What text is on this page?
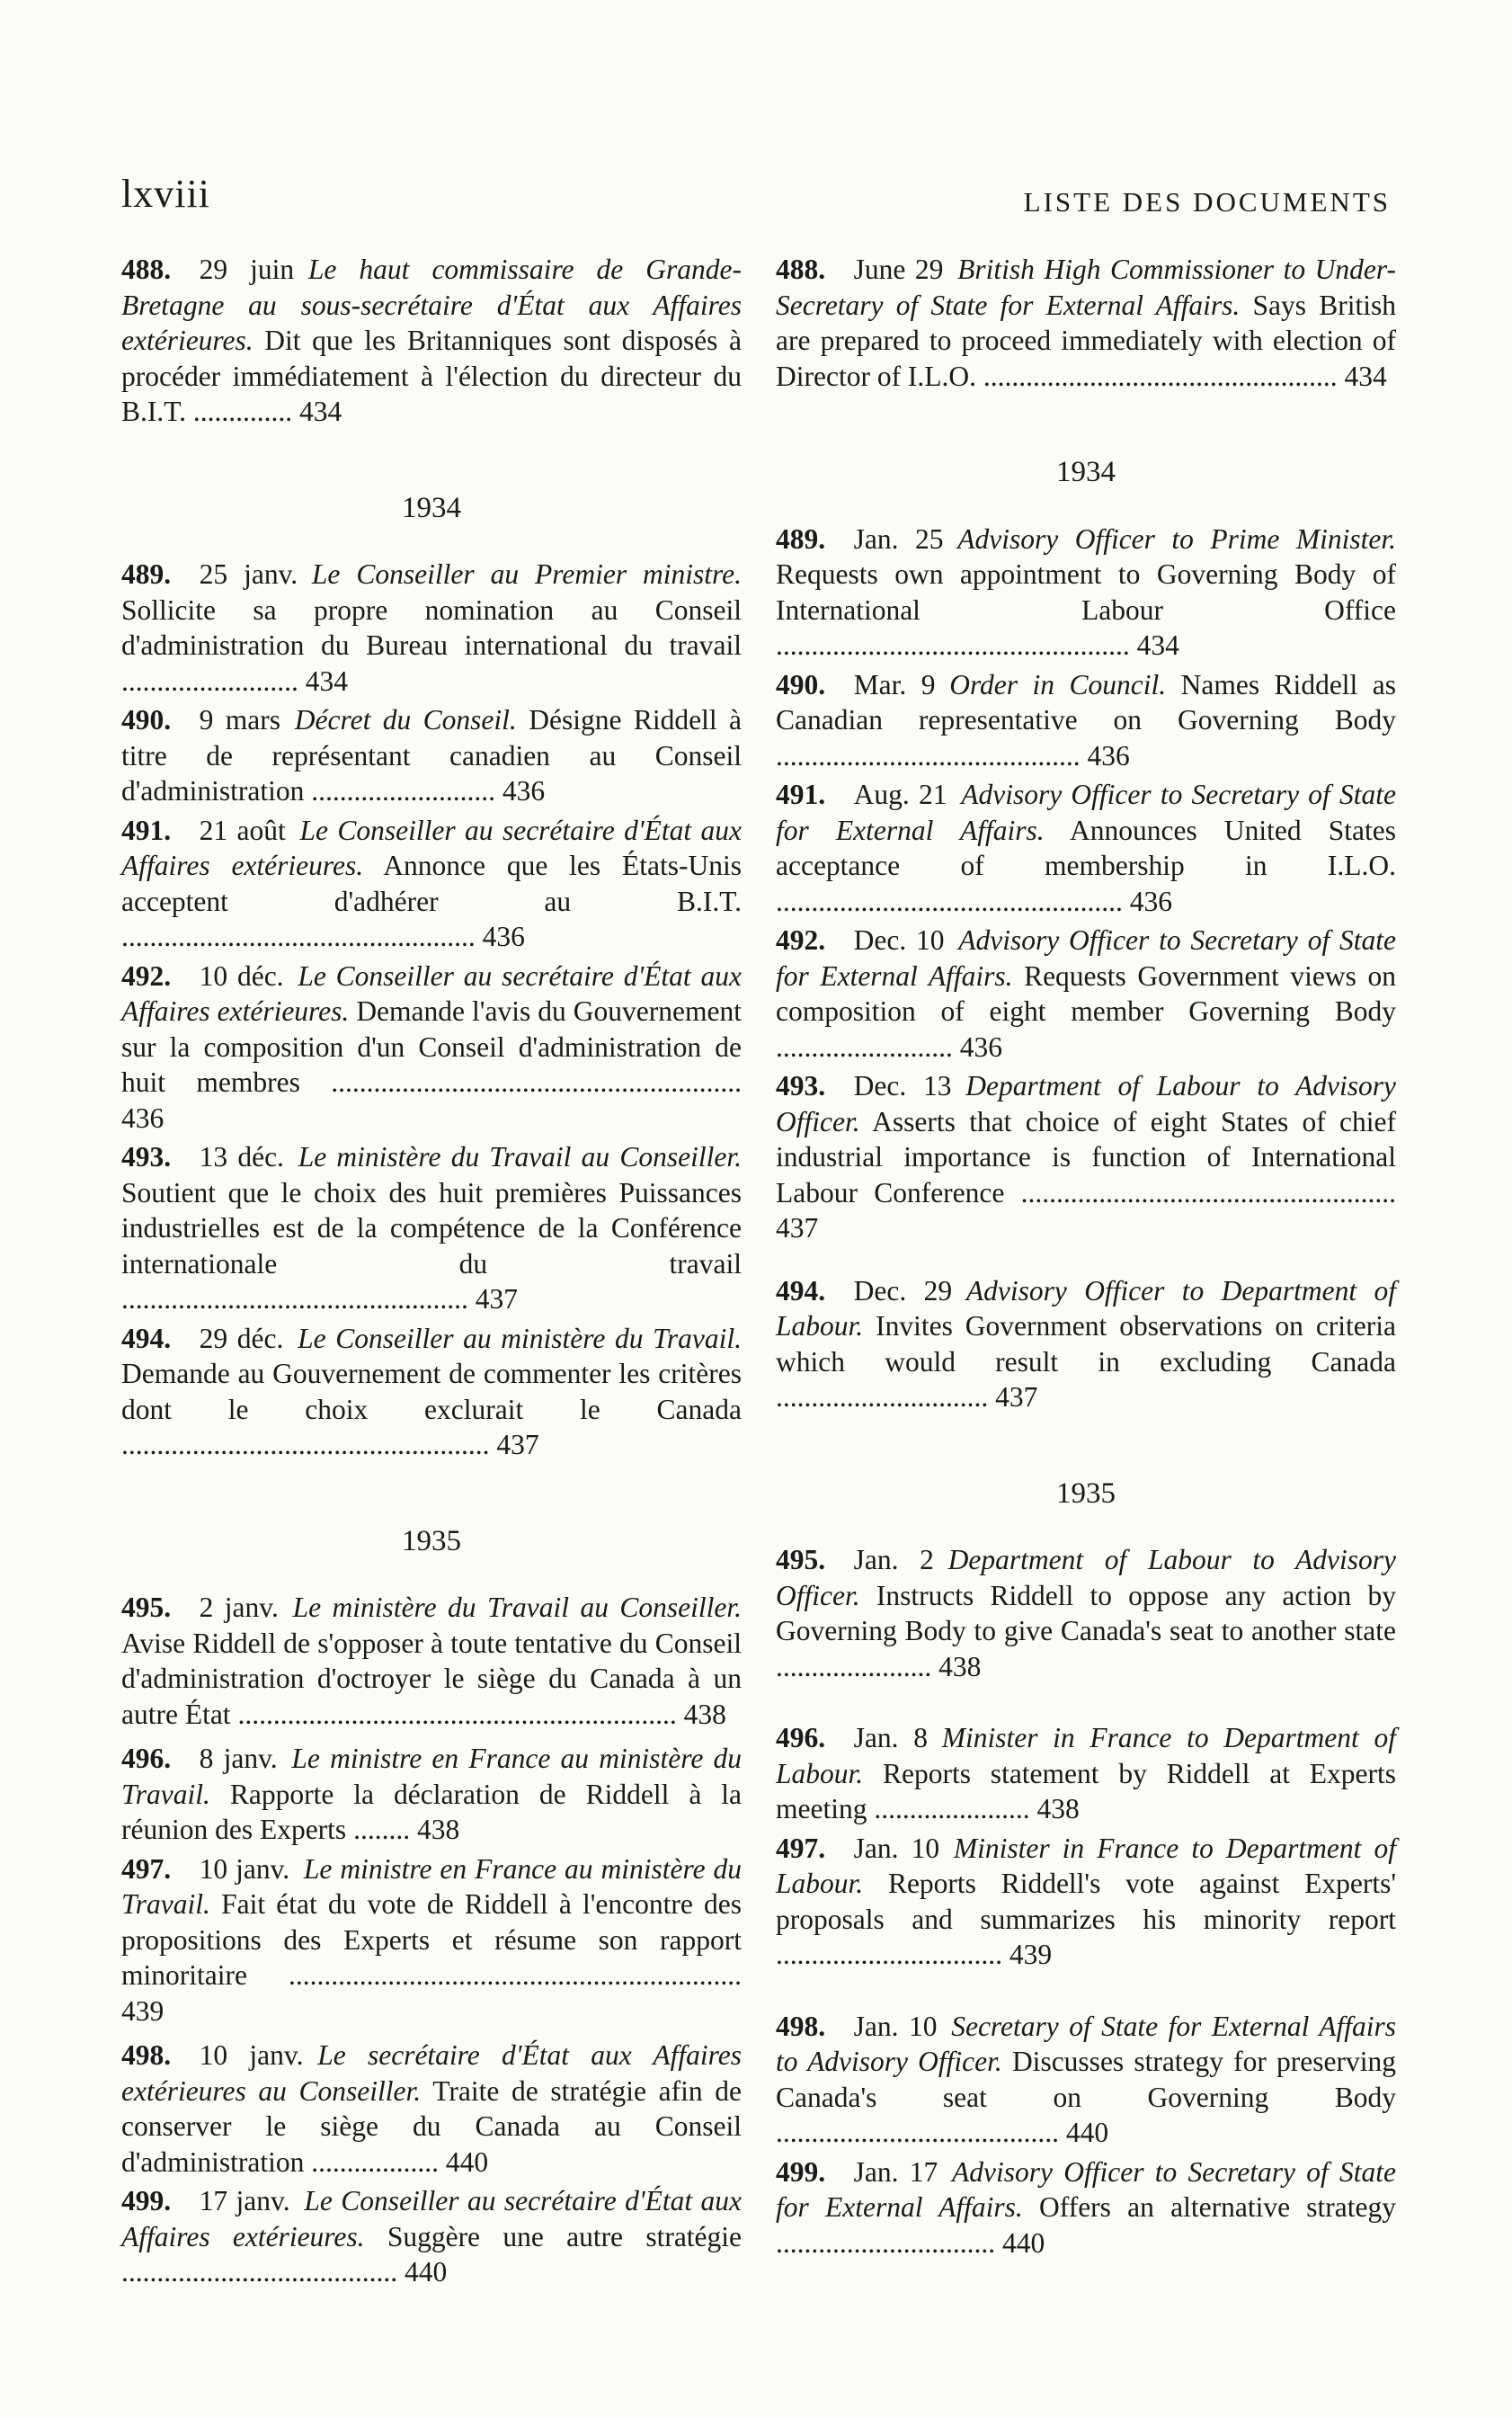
lxviii	LISTE DES DOCUMENTS
488.  29 juin  Le haut commissaire de Grande-Bretagne au sous-secrétaire d'État aux Affaires extérieures. Dit que les Britanniques sont disposés à procéder immédiatement à l'élection du directeur du B.I.T. .............. 434
1934
489.  25 janv.  Le Conseiller au Premier ministre. Sollicite sa propre nomination au Conseil d'administration du Bureau international du travail ......................... 434
490.  9 mars  Décret du Conseil. Désigne Riddell à titre de représentant canadien au Conseil d'administration .......................... 436
491.  21 août  Le Conseiller au secrétaire d'État aux Affaires extérieures. Annonce que les États-Unis acceptent d'adhérer au B.I.T. .................................................. 436
492.  10 déc.  Le Conseiller au secrétaire d'État aux Affaires extérieures. Demande l'avis du Gouvernement sur la composition d'un Conseil d'administration de huit membres .......................................................... 436
493.  13 déc.  Le ministère du Travail au Conseiller. Soutient que le choix des huit premières Puissances industrielles est de la compétence de la Conférence internationale du travail ................................................. 437
494.  29 déc.  Le Conseiller au ministère du Travail. Demande au Gouvernement de commenter les critères dont le choix exclurait le Canada .................................................... 437
1935
495.  2 janv.  Le ministère du Travail au Conseiller. Avise Riddell de s'opposer à toute tentative du Conseil d'administration d'octroyer le siège du Canada à un autre État .............................................................. 438
496.  8 janv.  Le ministre en France au ministère du Travail. Rapporte la déclaration de Riddell à la réunion des Experts ........ 438
497.  10 janv.  Le ministre en France au ministère du Travail. Fait état du vote de Riddell à l'encontre des propositions des Experts et résume son rapport minoritaire ................................................................ 439
498.  10 janv.  Le secrétaire d'État aux Affaires extérieures au Conseiller. Traite de stratégie afin de conserver le siège du Canada au Conseil d'administration .................. 440
499.  17 janv.  Le Conseiller au secrétaire d'État aux Affaires extérieures. Suggère une autre stratégie ....................................... 440
488.  June 29  British High Commissioner to Under-Secretary of State for External Affairs. Says British are prepared to proceed immediately with election of Director of I.L.O. .................................................. 434
1934
489.  Jan. 25  Advisory Officer to Prime Minister. Requests own appointment to Governing Body of International Labour Office .................................................. 434
490.  Mar. 9  Order in Council. Names Riddell as Canadian representative on Governing Body ........................................... 436
491.  Aug. 21  Advisory Officer to Secretary of State for External Affairs. Announces United States acceptance of membership in I.L.O. ................................................. 436
492.  Dec. 10  Advisory Officer to Secretary of State for External Affairs. Requests Government views on composition of eight member Governing Body ......................... 436
493.  Dec. 13  Department of Labour to Advisory Officer. Asserts that choice of eight States of chief industrial importance is function of International Labour Conference ..................................................... 437
494.  Dec. 29  Advisory Officer to Department of Labour. Invites Government observations on criteria which would result in excluding Canada .............................. 437
1935
495.  Jan. 2  Department of Labour to Advisory Officer. Instructs Riddell to oppose any action by Governing Body to give Canada's seat to another state ...................... 438
496.  Jan. 8  Minister in France to Department of Labour. Reports statement by Riddell at Experts meeting ...................... 438
497.  Jan. 10  Minister in France to Department of Labour. Reports Riddell's vote against Experts' proposals and summarizes his minority report ................................ 439
498.  Jan. 10  Secretary of State for External Affairs to Advisory Officer. Discusses strategy for preserving Canada's seat on Governing Body ........................................ 440
499.  Jan. 17  Advisory Officer to Secretary of State for External Affairs. Offers an alternative strategy ............................... 440
